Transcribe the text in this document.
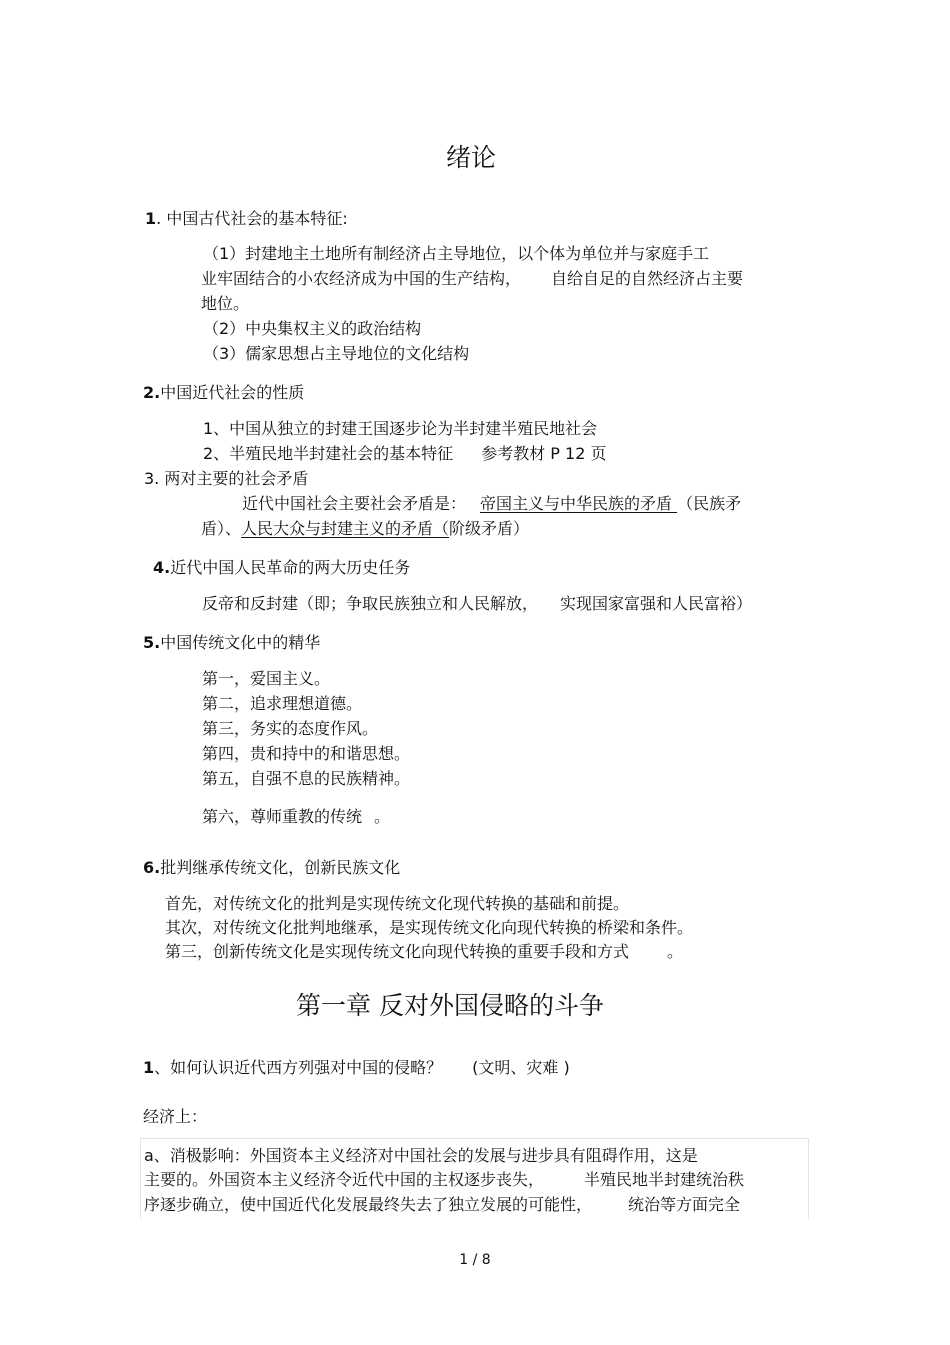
绪论
1. 中国古代社会的基本特征:
（1）封建地主土地所有制经济占主导地位，以个体为单位并与家庭手工
业牢固结合的小农经济成为中国的生产结构， 自给自足的自然经济占主要
地位。
（2）中央集权主义的政治结构
（3）儒家思想占主导地位的文化结构
2.中国近代社会的性质
1、中国从独立的封建王国逐步论为半封建半殖民地社会
2、半殖民地半封建社会的基本特征 参考教材 P 12 页
3. 两对主要的社会矛盾
近代中国社会主要社会矛盾是： 帝国主义与中华民族的矛盾 （民族矛
盾）、人民大众与封建主义的矛盾（阶级矛盾）
4.近代中国人民革命的两大历史任务
反帝和反封建（即；争取民族独立和人民解放， 实现国家富强和人民富裕）
5.中国传统文化中的精华
第一，爱国主义。
第二，追求理想道德。
第三，务实的态度作风。
第四，贵和持中的和谐思想。
第五，自强不息的民族精神。
第六，尊师重教的传统 。
6.批判继承传统文化，创新民族文化
首先，对传统文化的批判是实现传统文化现代转换的基础和前提。
其次，对传统文化批判地继承，是实现传统文化向现代转换的桥梁和条件。
第三，创新传统文化是实现传统文化向现代转换的重要手段和方式 。
第一章 反对外国侵略的斗争
1、如何认识近代西方列强对中国的侵略？ (文明、灾难 )
经济上：
a、消极影响：外国资本主义经济对中国社会的发展与进步具有阻碍作用，这是
主要的。外国资本主义经济令近代中国的主权逐步丧失，	半殖民地半封建统治秩
序逐步确立，使中国近代化发展最终失去了独立发展的可能性， 统治等方面完全
1 / 8
